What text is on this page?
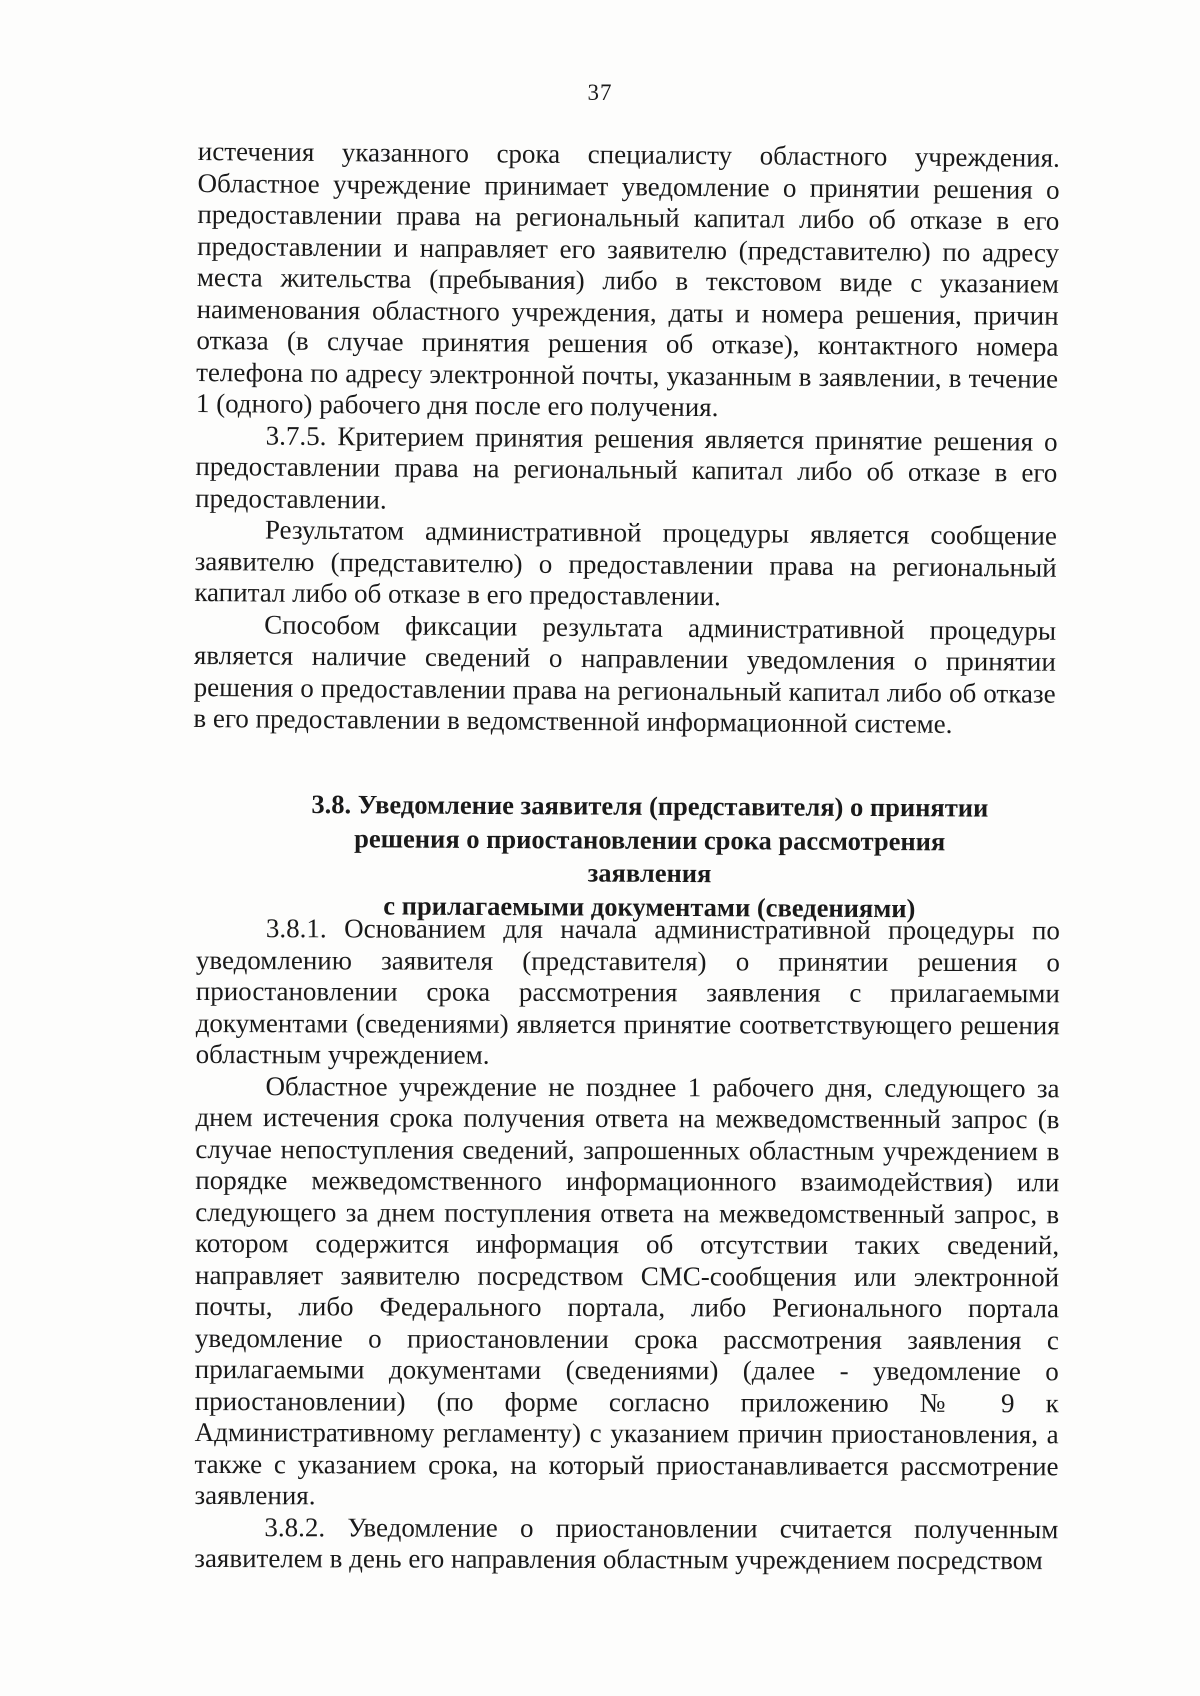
37

истечения указанного срока специалисту областного учреждения. Областное учреждение принимает уведомление о принятии решения о предоставлении права на региональный капитал либо об отказе в его предоставлении и направляет его заявителю (представителю) по адресу места жительства (пребывания) либо в текстовом виде с указанием наименования областного учреждения, даты и номера решения, причин отказа (в случае принятия решения об отказе), контактного номера телефона по адресу электронной почты, указанным в заявлении, в течение 1 (одного) рабочего дня после его получения.

3.7.5. Критерием принятия решения является принятие решения о предоставлении права на региональный капитал либо об отказе в его предоставлении.

Результатом административной процедуры является сообщение заявителю (представителю) о предоставлении права на региональный капитал либо об отказе в его предоставлении.

Способом фиксации результата административной процедуры является наличие сведений о направлении уведомления о принятии решения о предоставлении права на региональный капитал либо об отказе в его предоставлении в ведомственной информационной системе.

3.8. Уведомление заявителя (представителя) о принятии
решения о приостановлении срока рассмотрения заявления
с прилагаемыми документами (сведениями)

3.8.1. Основанием для начала административной процедуры по уведомлению заявителя (представителя) о принятии решения о приостановлении срока рассмотрения заявления с прилагаемыми документами (сведениями) является принятие соответствующего решения областным учреждением.

Областное учреждение не позднее 1 рабочего дня, следующего за днем истечения срока получения ответа на межведомственный запрос (в случае непоступления сведений, запрошенных областным учреждением в порядке межведомственного информационного взаимодействия) или следующего за днем поступления ответа на межведомственный запрос, в котором содержится информация об отсутствии таких сведений, направляет заявителю посредством СМС-сообщения или электронной почты, либо Федерального портала, либо Регионального портала уведомление о приостановлении срока рассмотрения заявления с прилагаемыми документами (сведениями) (далее - уведомление о приостановлении) (по форме согласно приложению № 9 к Административному регламенту) с указанием причин приостановления, а также с указанием срока, на который приостанавливается рассмотрение заявления.

3.8.2. Уведомление о приостановлении считается полученным заявителем в день его направления областным учреждением посредством
